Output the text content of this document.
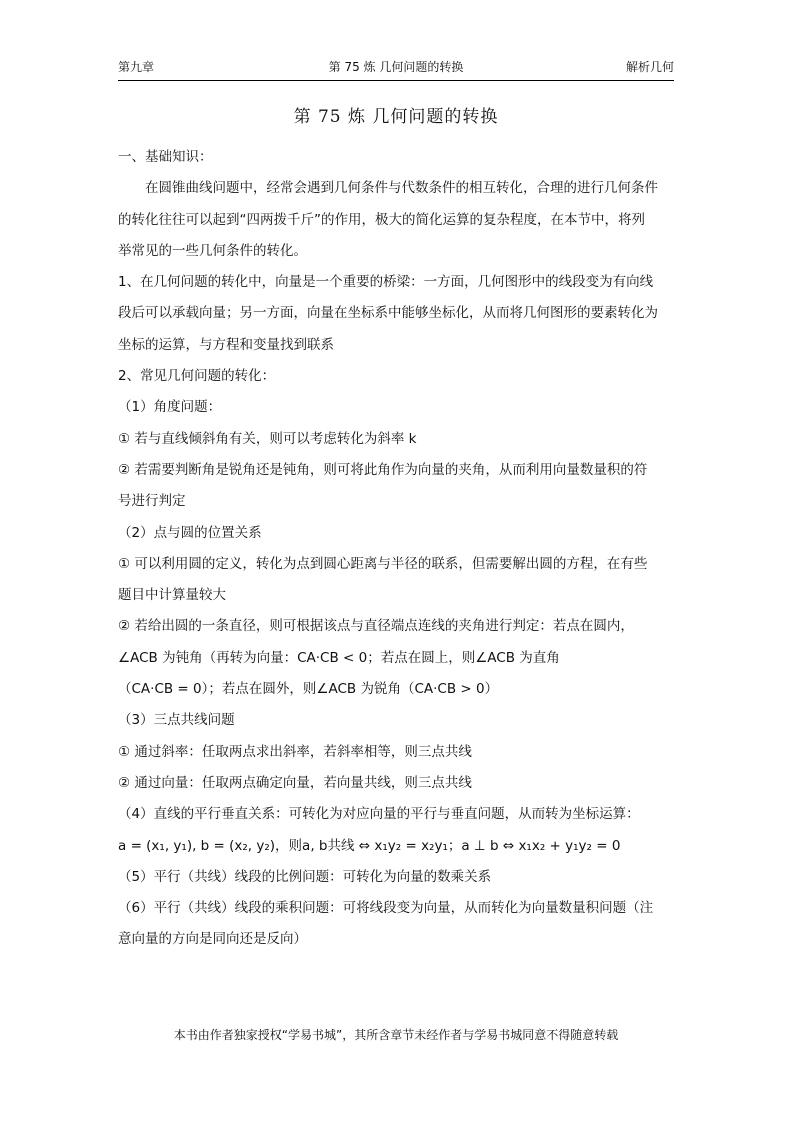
第九章	第 75 炼 几何问题的转换	解析几何
第 75 炼 几何问题的转换

一、基础知识：

在圆锥曲线问题中，经常会遇到几何条件与代数条件的相互转化，合理的进行几何条件

的转化往往可以起到“四两拨千斤”的作用，极大的简化运算的复杂程度，在本节中，将列

举常见的一些几何条件的转化。

1、在几何问题的转化中，向量是一个重要的桥梁：一方面，几何图形中的线段变为有向线

段后可以承载向量；另一方面，向量在坐标系中能够坐标化，从而将几何图形的要素转化为

坐标的运算，与方程和变量找到联系

2、常见几何问题的转化：

（1）角度问题：

① 若与直线倾斜角有关，则可以考虑转化为斜率 k

② 若需要判断角是锐角还是钝角，则可将此角作为向量的夹角，从而利用向量数量积的符

号进行判定

（2）点与圆的位置关系

① 可以利用圆的定义，转化为点到圆心距离与半径的联系，但需要解出圆的方程，在有些

题目中计算量较大

② 若给出圆的一条直径，则可根据该点与直径端点连线的夹角进行判定：若点在圆内，

∠ACB 为钝角（再转为向量：CA·CB < 0；若点在圆上，则∠ACB 为直角

（CA·CB = 0）；若点在圆外，则∠ACB 为锐角（CA·CB > 0）

（3）三点共线问题

① 通过斜率：任取两点求出斜率，若斜率相等，则三点共线

② 通过向量：任取两点确定向量，若向量共线，则三点共线

（4）直线的平行垂直关系：可转化为对应向量的平行与垂直问题，从而转为坐标运算：

a = (x₁, y₁), b = (x₂, y₂)，则a, b共线 ⇔ x₁y₂ = x₂y₁；a ⊥ b ⇔ x₁x₂ + y₁y₂ = 0

（5）平行（共线）线段的比例问题：可转化为向量的数乘关系

（6）平行（共线）线段的乘积问题：可将线段变为向量，从而转化为向量数量积问题（注

意向量的方向是同向还是反向）

本书由作者独家授权“学易书城”，其所含章节未经作者与学易书城同意不得随意转载
